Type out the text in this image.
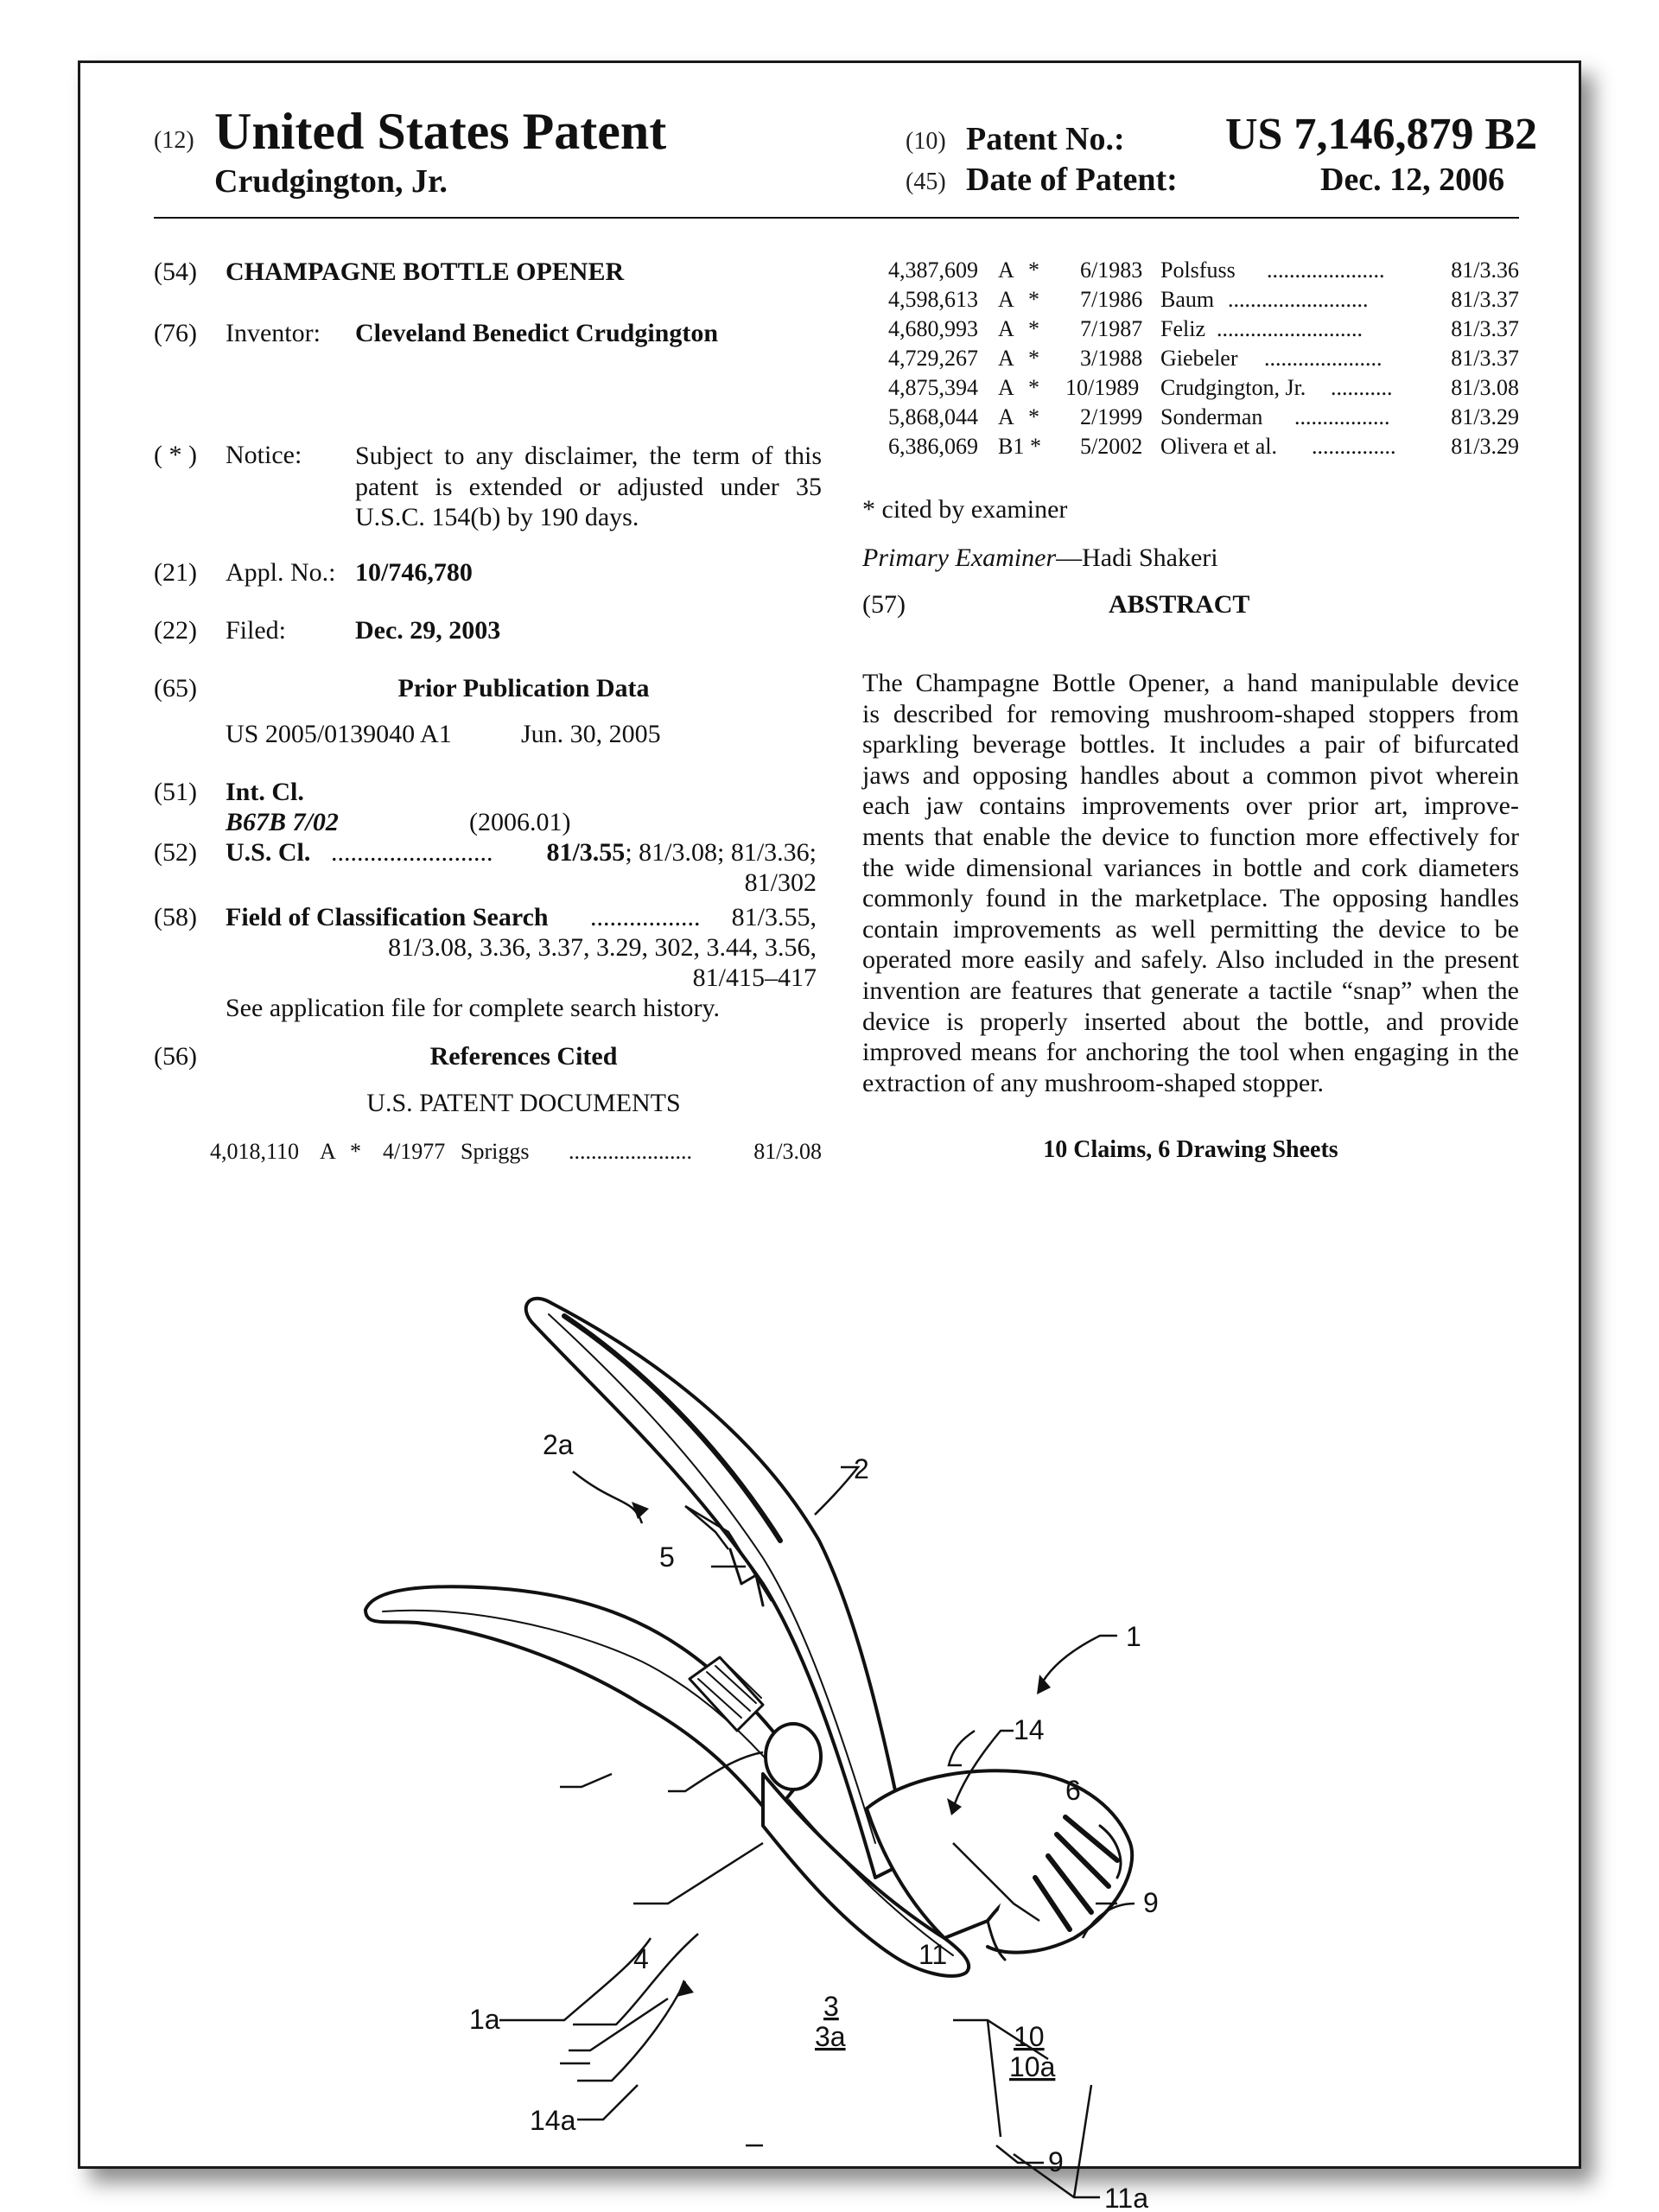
(12) United States Patent
Crudgington, Jr.
(10) Patent No.: US 7,146,879 B2
(45) Date of Patent:	Dec. 12, 2006
(54) CHAMPAGNE BOTTLE OPENER
(76) Inventor: Cleveland Benedict Crudgington
( * ) Notice: Subject to any disclaimer, the term of this
patent is extended or adjusted under 35
U.S.C. 154(b) by 190 days.
(21) Appl. No.: 10/746,780
(22) Filed:	Dec. 29, 2003
(65)	Prior Publication Data
US 2005/0139040 A1	Jun. 30, 2005
(51) Int. Cl.
B67B 7/02	(2006.01)
(52) U.S. Cl. ......................... 81/3.55; 81/3.08; 81/3.36;
81/302
(58) Field of Classification Search ................. 81/3.55,
81/3.08, 3.36, 3.37, 3.29, 302, 3.44, 3.56,
81/415–417
See application file for complete search history.
(56)	References Cited
U.S. PATENT DOCUMENTS
4,018,110 A * 4/1977 Spriggs ......................	81/3.08
4,387,609 A * 6/1983 Polsfuss .....................	81/3.36
4,598,613 A * 7/1986 Baum .........................	81/3.37
4,680,993 A * 7/1987 Feliz ..........................	81/3.37
4,729,267 A * 3/1988 Giebeler .....................	81/3.37
4,875,394 A * 10/1989 Crudgington, Jr. ...........	81/3.08
5,868,044 A * 2/1999 Sonderman .................	81/3.29
6,386,069 B1 * 5/2002 Olivera et al. ............... 81/3.29
* cited by examiner
Primary Examiner—Hadi Shakeri
(57)	ABSTRACT
The Champagne Bottle Opener, a hand manipulable device
is described for removing mushroom-shaped stoppers from
sparkling beverage bottles. It includes a pair of bifurcated
jaws and opposing handles about a common pivot wherein
each jaw contains improvements over prior art, improve-
ments that enable the device to function more effectively for
the wide dimensional variances in bottle and cork diameters
commonly found in the marketplace. The opposing handles
contain improvements as well permitting the device to be
operated more easily and safely. Also included in the present
invention are features that generate a tactile “snap” when the
device is properly inserted about the bottle, and provide
improved means for anchoring the tool when engaging in the
extraction of any mushroom-shaped stopper.
10 Claims, 6 Drawing Sheets
2
1
2a
5
14
6
9
1a
4	11
3
3a	10
10a
14a
9
11a
